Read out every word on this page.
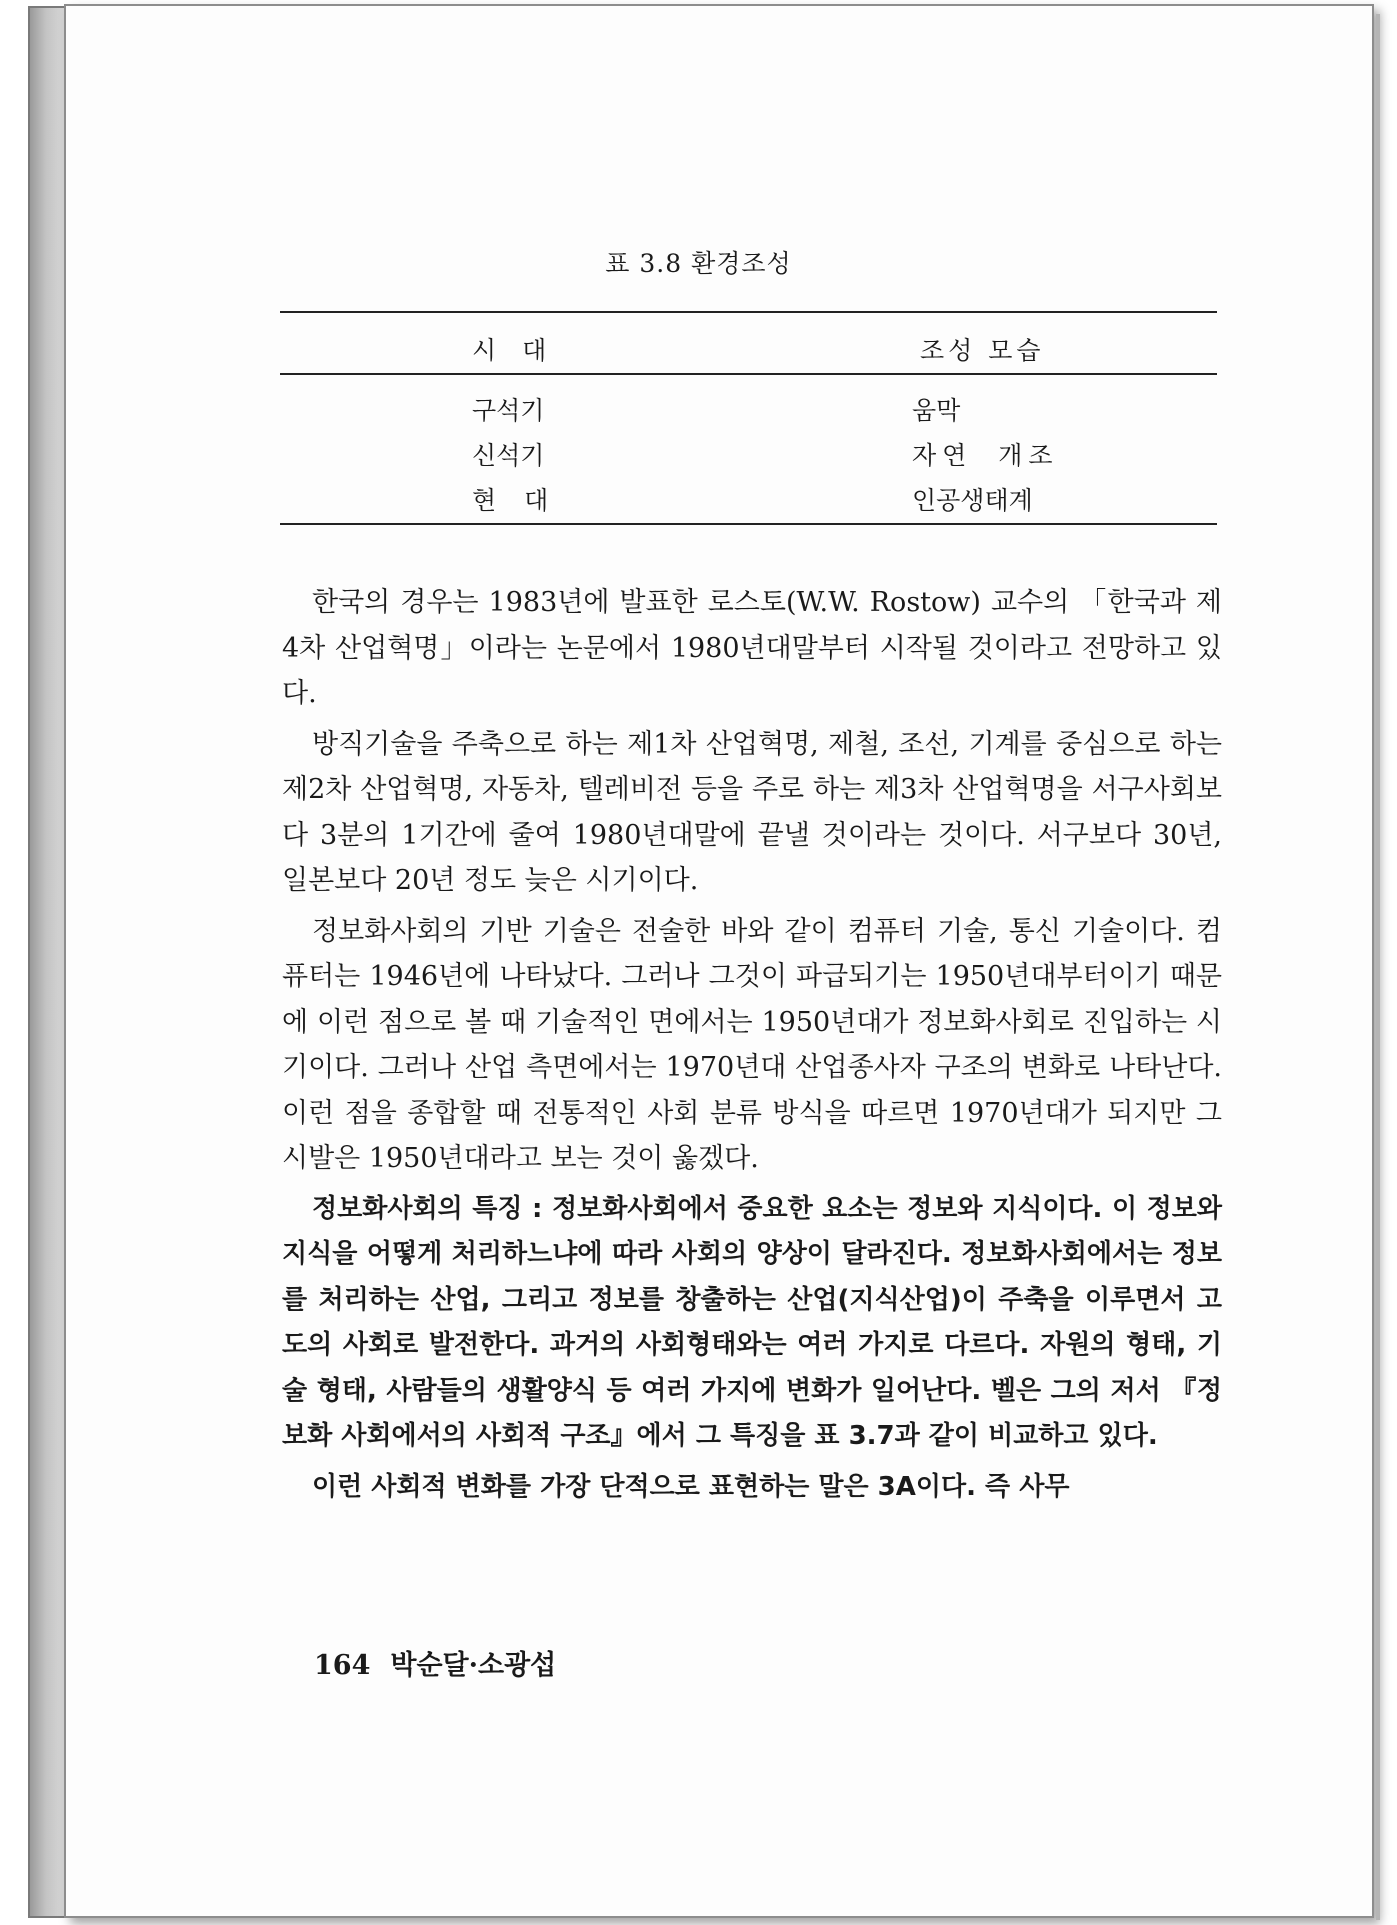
표 3.8 환경조성
시대	조성 모습
구석기	움막
신석기	자연 개조
현대	인공생태계

한국의 경우는 1983년에 발표한 로스토(W.W. Rostow) 교수의 「한국과 제4차 산업혁명」이라는 논문에서 1980년대말부터 시작될 것이라고 전망하고 있다.

방직기술을 주축으로 하는 제1차 산업혁명, 제철, 조선, 기계를 중심으로 하는 제2차 산업혁명, 자동차, 텔레비전 등을 주로 하는 제3차 산업혁명을 서구사회보다 3분의 1기간에 줄여 1980년대말에 끝낼 것이라는 것이다. 서구보다 30년, 일본보다 20년 정도 늦은 시기이다.

정보화사회의 기반 기술은 전술한 바와 같이 컴퓨터 기술, 통신 기술이다. 컴퓨터는 1946년에 나타났다. 그러나 그것이 파급되기는 1950년대부터이기 때문에 이런 점으로 볼 때 기술적인 면에서는 1950년대가 정보화사회로 진입하는 시기이다. 그러나 산업 측면에서는 1970년대 산업종사자 구조의 변화로 나타난다. 이런 점을 종합할 때 전통적인 사회 분류 방식을 따르면 1970년대가 되지만 그시발은 1950년대라고 보는 것이 옳겠다.

정보화사회의 특징 : 정보화사회에서 중요한 요소는 정보와 지식이다. 이 정보와 지식을 어떻게 처리하느냐에 따라 사회의 양상이 달라진다. 정보화사회에서는 정보를 처리하는 산업, 그리고 정보를 창출하는 산업(지식산업)이 주축을 이루면서 고도의 사회로 발전한다. 과거의 사회형태와는 여러 가지로 다르다. 자원의 형태, 기술 형태, 사람들의 생활양식 등 여러 가지에 변화가 일어난다. 벨은 그의 저서 『정보화 사회에서의 사회적 구조』에서 그 특징을 표 3.7과 같이 비교하고 있다.

이런 사회적 변화를 가장 단적으로 표현하는 말은 3A이다. 즉 사무

164 박순달·소광섭
